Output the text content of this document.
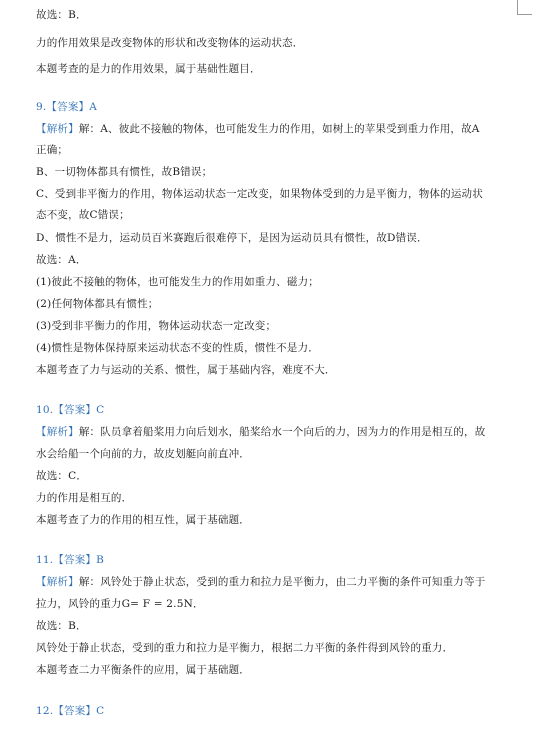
故选：B．
力的作用效果是改变物体的形状和改变物体的运动状态．
本题考查的是力的作用效果，属于基础性题目．
9.【答案】A
【解析】解：A、彼此不接触的物体，也可能发生力的作用，如树上的苹果受到重力作用，故A
正确；
B、一切物体都具有惯性，故B错误；
C、受到非平衡力的作用，物体运动状态一定改变，如果物体受到的力是平衡力，物体的运动状
态不变，故C错误；
D、惯性不是力，运动员百米赛跑后很难停下，是因为运动员具有惯性，故D错误．
故选：A．
(1)彼此不接触的物体，也可能发生力的作用如重力、磁力；
(2)任何物体都具有惯性；
(3)受到非平衡力的作用，物体运动状态一定改变；
(4)惯性是物体保持原来运动状态不变的性质，惯性不是力．
本题考查了力与运动的关系、惯性，属于基础内容，难度不大．
10.【答案】C
【解析】解：队员拿着船桨用力向后划水，船桨给水一个向后的力，因为力的作用是相互的，故
水会给船一个向前的力，故皮划艇向前直冲．
故选：C．
力的作用是相互的．
本题考查了力的作用的相互性，属于基础题．
11.【答案】B
【解析】解：风铃处于静止状态，受到的重力和拉力是平衡力，由二力平衡的条件可知重力等于
拉力，风铃的重力G= F = 2.5N．
故选：B．
风铃处于静止状态，受到的重力和拉力是平衡力，根据二力平衡的条件得到风铃的重力．
本题考查二力平衡条件的应用，属于基础题．
12.【答案】C
